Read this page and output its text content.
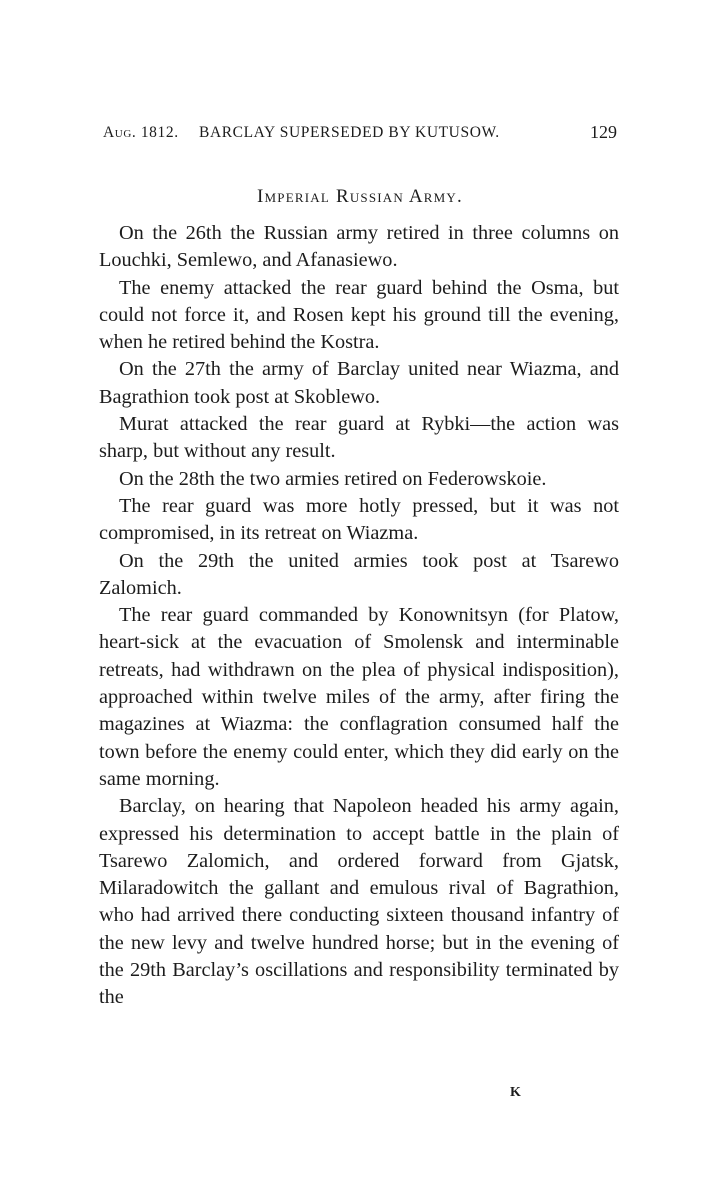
Aug. 1812. BARCLAY SUPERSEDED BY KUTUSOW.	129
Imperial Russian Army.

On the 26th the Russian army retired in three columns on Louchki, Semlewo, and Afanasiewo.

The enemy attacked the rear guard behind the Osma, but could not force it, and Rosen kept his ground till the evening, when he retired behind the Kostra.

On the 27th the army of Barclay united near Wiazma, and Bagrathion took post at Skoblewo.

Murat attacked the rear guard at Rybki—the action was sharp, but without any result.

On the 28th the two armies retired on Federowskoie.

The rear guard was more hotly pressed, but it was not compromised, in its retreat on Wiazma.

On the 29th the united armies took post at Tsarewo Zalomich.

The rear guard commanded by Konownitsyn (for Platow, heart-sick at the evacuation of Smolensk and interminable retreats, had withdrawn on the plea of physical indisposition), approached within twelve miles of the army, after firing the magazines at Wiazma: the conflagration consumed half the town before the enemy could enter, which they did early on the same morning.

Barclay, on hearing that Napoleon headed his army again, expressed his determination to accept battle in the plain of Tsarewo Zalomich, and ordered forward from Gjatsk, Milaradowitch the gallant and emulous rival of Bagrathion, who had arrived there conducting sixteen thousand infantry of the new levy and twelve hundred horse; but in the evening of the 29th Barclay’s oscillations and responsibility terminated by the

K
